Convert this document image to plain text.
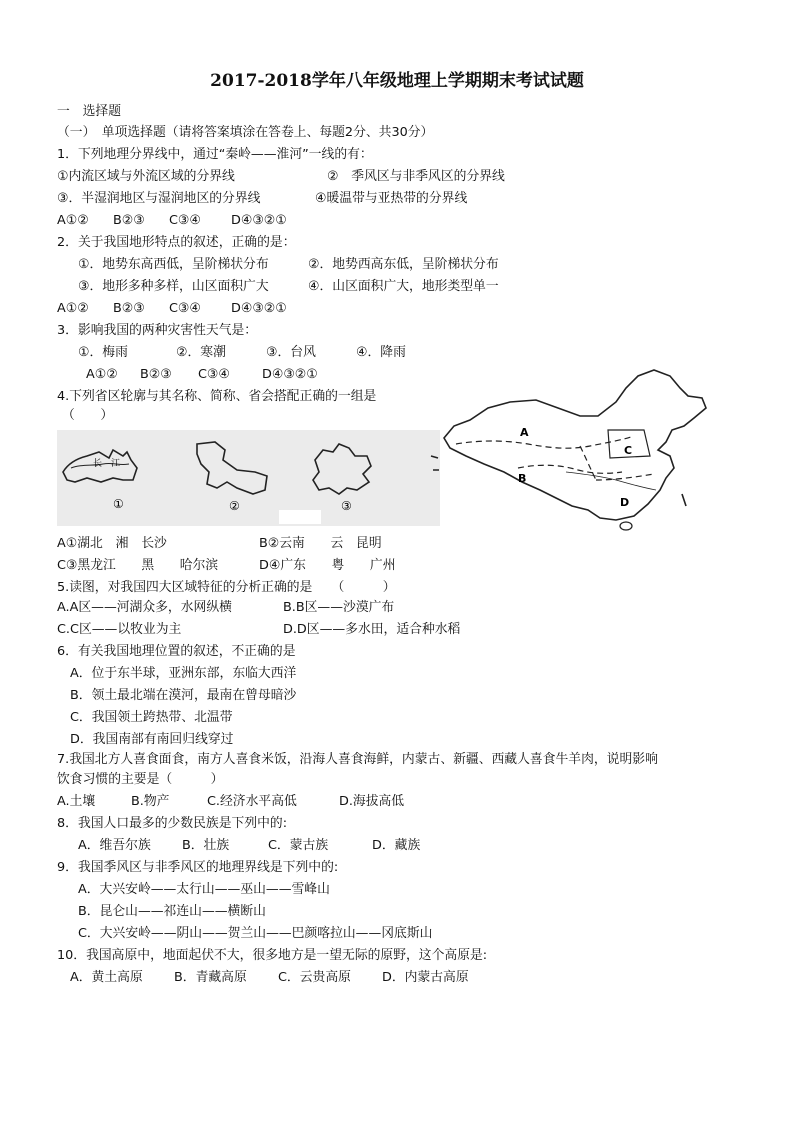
2017-2018学年八年级地理上学期期末考试试题
一　选择题
（一）　单项选择题（请将答案填涂在答卷上、每题2分、共30分）
1．下列地理分界线中，通过“秦岭——淮河”一线的有：
①内流区域与外流区域的分界线	②　季风区与非季风区的分界线
③．半湿润地区与湿润地区的分界线	④暖温带与亚热带的分界线
A①② B②③ C③④ D④③②①
2．关于我国地形特点的叙述，正确的是：
①．地势东高西低，呈阶梯状分布	②．地势西高东低，呈阶梯状分布
③．地形多种多样，山区面积广大	④．山区面积广大，地形类型单一
A①② B②③ C③④ D④③②①
3．影响我国的两种灾害性天气是：
①．梅雨	②．寒潮	③．台风	④．降雨
A①② B②③ C③④	D④③②①
4.下列省区轮廓与其名称、简称、省会搭配正确的一组是
（　　）
长 江
①	②	③
A
B
C
D
A①湖北　湘　长沙	B②云南　　云　昆明
C③黑龙江　　黑　　哈尔滨	D④广东　　粤　　广州
5.读图，对我国四大区域特征的分析正确的是　　（　　　）
A.A区——河湖众多，水网纵横	B.B区——沙漠广布
C.C区——以牧业为主	D.D区——多水田，适合种水稻
6．有关我国地理位置的叙述，不正确的是
A．位于东半球，亚洲东部，东临大西洋
B．领土最北端在漠河，最南在曾母暗沙
C．我国领土跨热带、北温带
D．我国南部有南回归线穿过
7.我国北方人喜食面食，南方人喜食米饭，沿海人喜食海鲜，内蒙古、新疆、西藏人喜食牛羊肉，说明影响
饮食习惯的主要是（　　　）
A.土壤	B.物产	C.经济水平高低	D.海拔高低
8．我国人口最多的少数民族是下列中的:
A．维吾尔族 B．壮族	C．蒙古族	D．藏族
9．我国季风区与非季风区的地理界线是下列中的:
A．大兴安岭——太行山——巫山——雪峰山
B．昆仑山——祁连山——横断山
C．大兴安岭——阴山——贺兰山——巴颜喀拉山——冈底斯山
10．我国高原中，地面起伏不大，很多地方是一望无际的原野，这个高原是:
A．黄土高原 B．青藏高原 C．云贵高原 D．内蒙古高原
